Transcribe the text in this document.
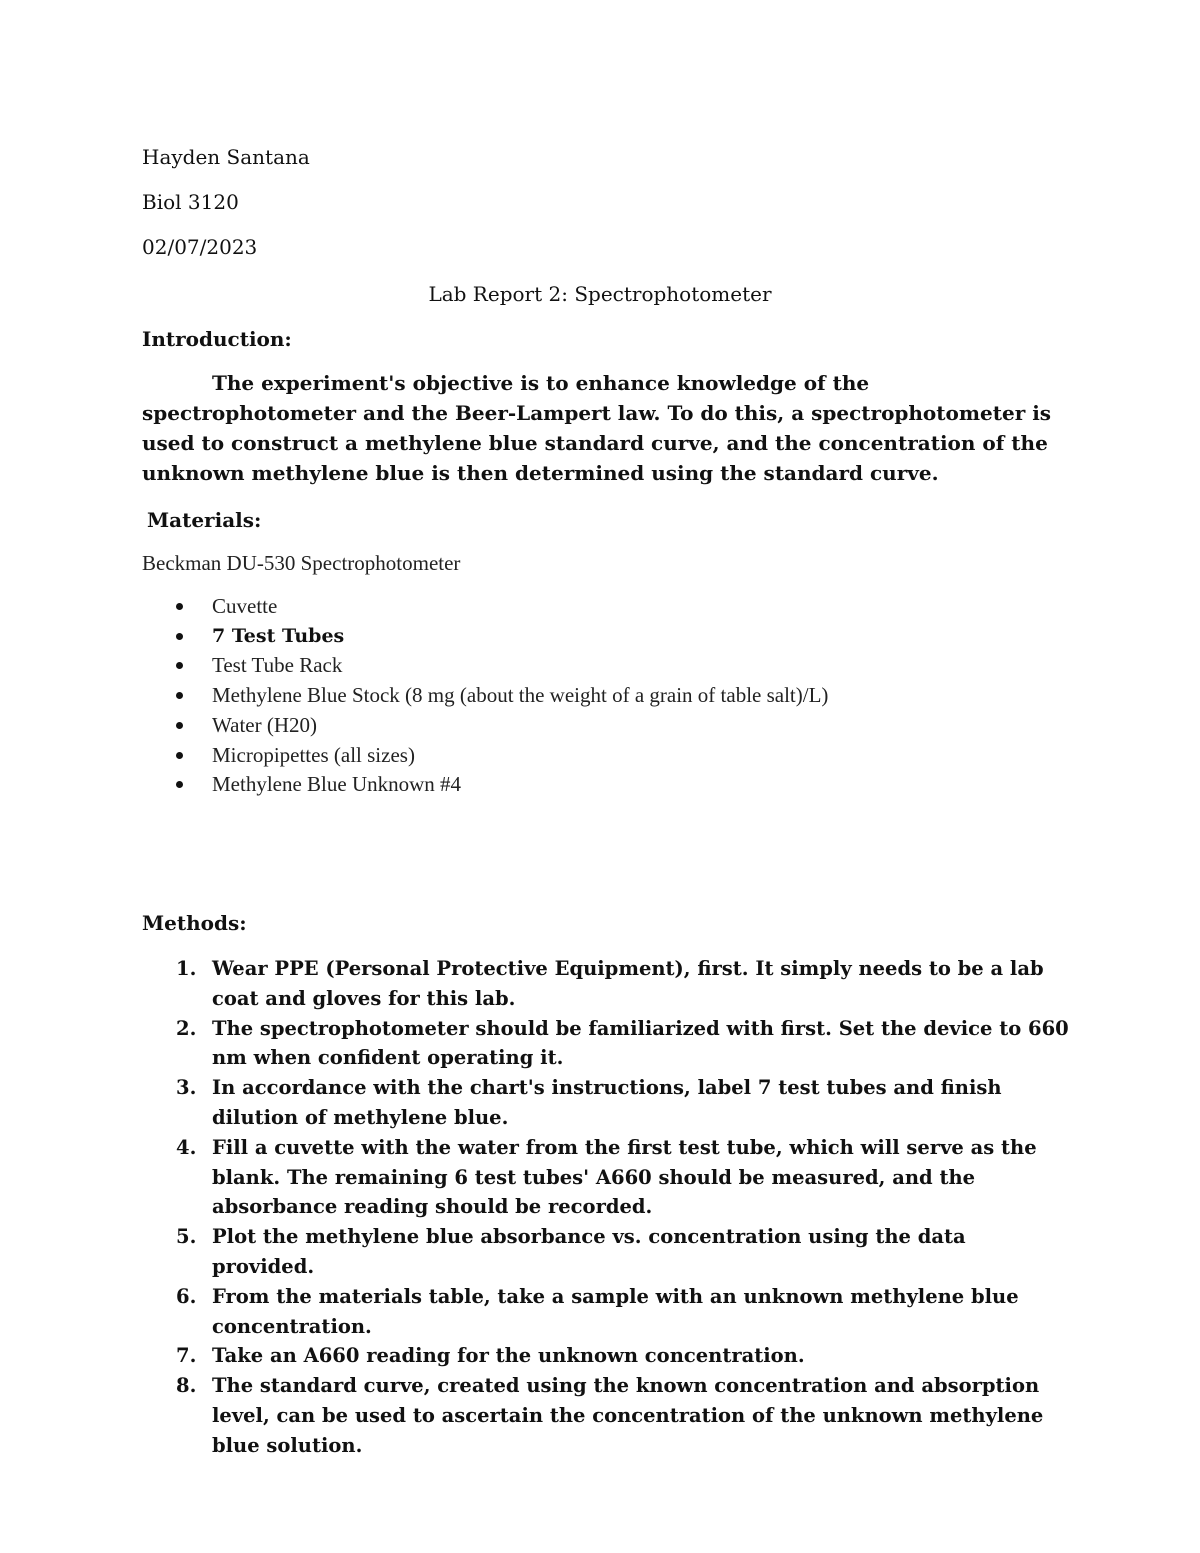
Hayden Santana
Biol 3120
02/07/2023
Lab Report 2: Spectrophotometer
Introduction:

The experiment's objective is to enhance knowledge of the spectrophotometer and the Beer-Lampert law. To do this, a spectrophotometer is used to construct a methylene blue standard curve, and the concentration of the unknown methylene blue is then determined using the standard curve.

Materials:
Beckman DU-530 Spectrophotometer
Cuvette
7 Test Tubes
Test Tube Rack
Methylene Blue Stock (8 mg (about the weight of a grain of table salt)/L)
Water (H20)
Micropipettes (all sizes)
Methylene Blue Unknown #4
Methods:
1. Wear PPE (Personal Protective Equipment), first. It simply needs to be a lab coat and gloves for this lab.
2. The spectrophotometer should be familiarized with first. Set the device to 660 nm when confident operating it.
3. In accordance with the chart's instructions, label 7 test tubes and finish dilution of methylene blue.
4. Fill a cuvette with the water from the first test tube, which will serve as the blank. The remaining 6 test tubes' A660 should be measured, and the absorbance reading should be recorded.
5. Plot the methylene blue absorbance vs. concentration using the data provided.
6. From the materials table, take a sample with an unknown methylene blue concentration.
7. Take an A660 reading for the unknown concentration.
8. The standard curve, created using the known concentration and absorption level, can be used to ascertain the concentration of the unknown methylene blue solution.
